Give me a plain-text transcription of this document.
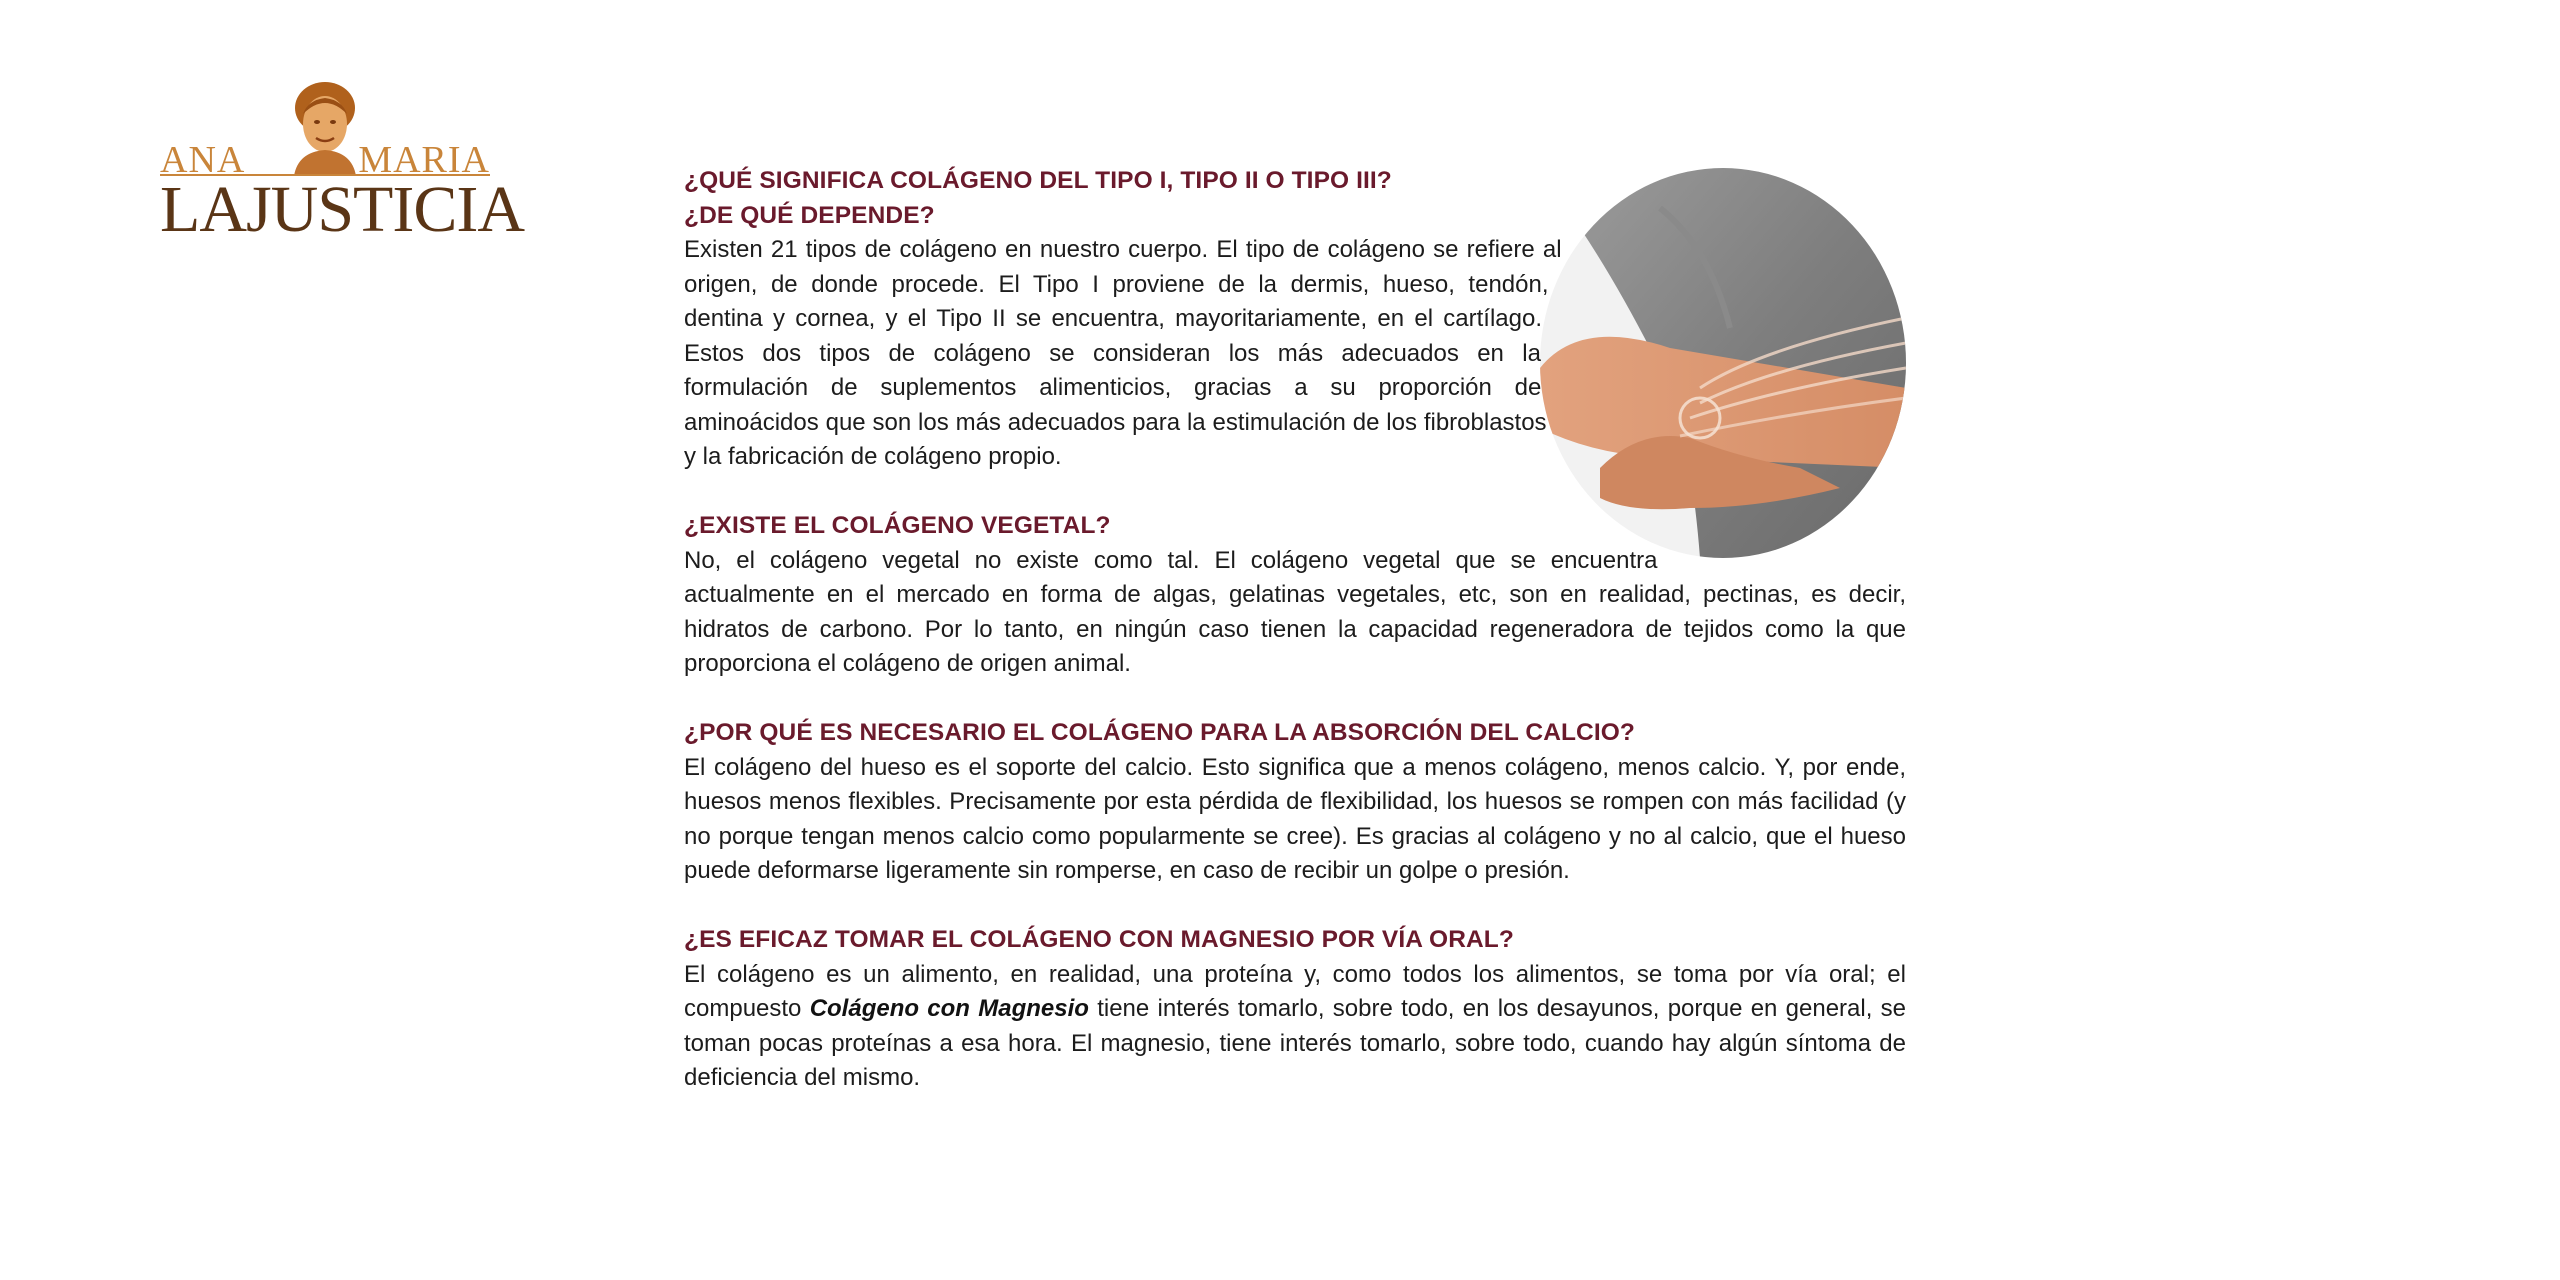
ANA	MARIA
LAJUSTICIA	¿QUÉ SIGNIFICA COLÁGENO DEL TIPO I, TIPO II O TIPO III?
¿DE QUÉ DEPENDE?

Existen 21 tipos de colágeno en nuestro cuerpo. El tipo de colágeno se refiere al origen, de donde procede. El Tipo I proviene de la dermis, hueso, tendón, dentina y cornea, y el Tipo II se encuentra, mayoritariamente, en el cartílago. Estos dos tipos de colágeno se consideran los más adecuados en la formulación de suplementos alimenticios, gracias a su proporción de aminoácidos que son los más adecuados para la estimulación de los fibroblastos y la fabricación de colágeno propio.

¿EXISTE EL COLÁGENO VEGETAL?

No, el colágeno vegetal no existe como tal. El colágeno vegetal que se encuentra actualmente en el mercado en forma de algas, gelatinas vegetales, etc, son en realidad, pectinas, es decir, hidratos de carbono. Por lo tanto, en ningún caso tienen la capacidad regeneradora de tejidos como la que proporciona el colágeno de origen animal.

¿POR QUÉ ES NECESARIO EL COLÁGENO PARA LA ABSORCIÓN DEL CALCIO?

El colágeno del hueso es el soporte del calcio. Esto significa que a menos colágeno, menos calcio. Y, por ende, huesos menos flexibles. Precisamente por esta pérdida de flexibilidad, los huesos se rompen con más facilidad (y no porque tengan menos calcio como popularmente se cree). Es gracias al colágeno y no al calcio, que el hueso puede deformarse ligeramente sin romperse, en caso de recibir un golpe o presión.

¿ES EFICAZ TOMAR EL COLÁGENO CON MAGNESIO POR VÍA ORAL?

El colágeno es un alimento, en realidad, una proteína y, como todos los alimentos, se toma por vía oral; el compuesto Colágeno con Magnesio tiene interés tomarlo, sobre todo, en los desayunos, porque en general, se toman pocas proteínas a esa hora. El magnesio, tiene interés tomarlo, sobre todo, cuando hay algún síntoma de deficiencia del mismo.
